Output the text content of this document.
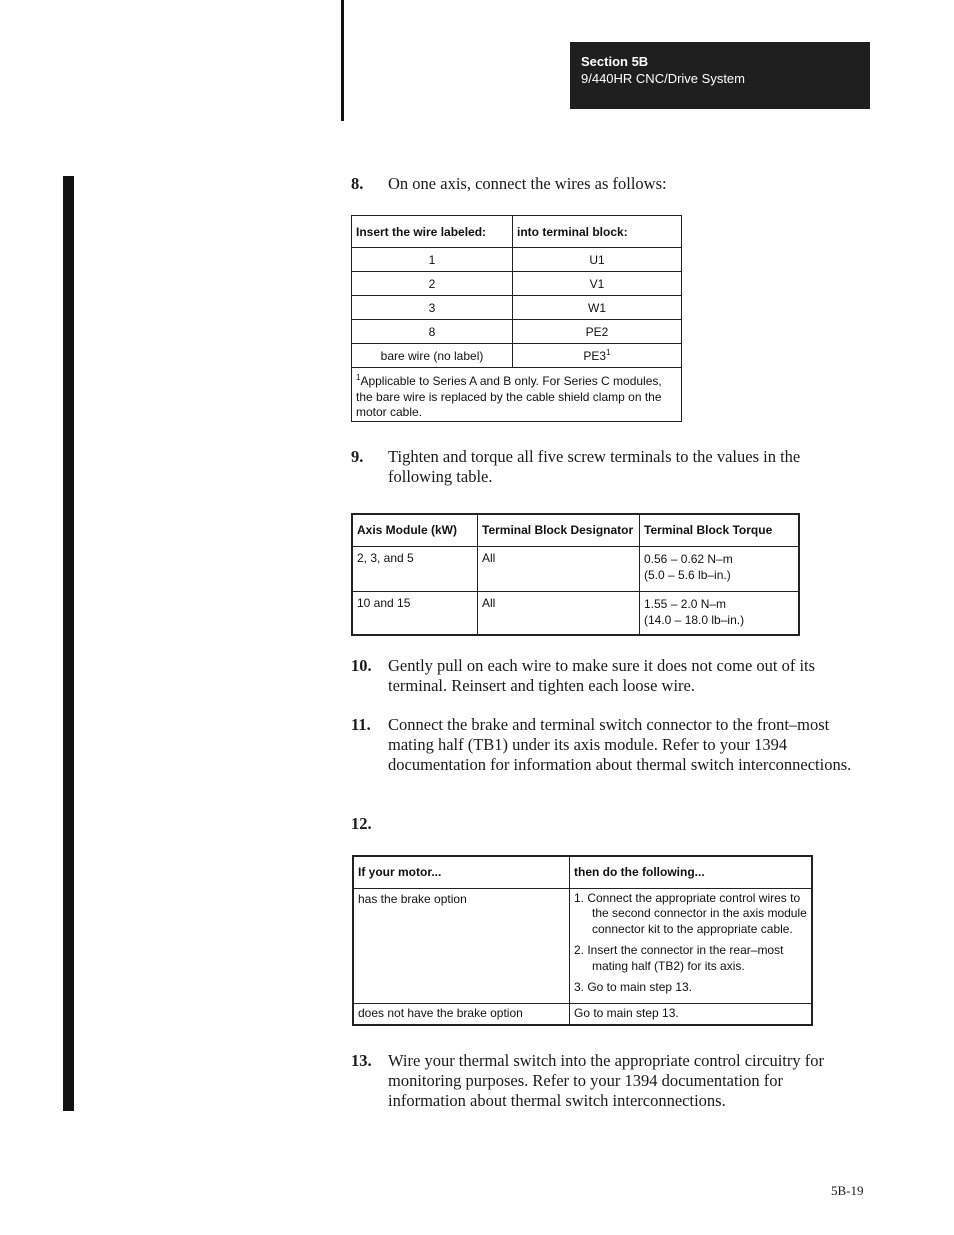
Section 5B
9/440HR CNC/Drive System
8. On one axis, connect the wires as follows:
Insert the wire labeled:	into terminal block:
1	U1
2	V1
3	W1
8	PE2
bare wire (no label)	$PE3^1$
$^1$Applicable to Series A and B only. For Series C modules, the bare wire is replaced by the cable shield clamp on the motor cable.	
9. Tighten and torque all five screw terminals to the values in the following table.
Axis Module (kW)	Terminal Block Designator	Terminal Block Torque
2, 3, and 5	All	0.56 – 0.62 N–m
(5.0 – 5.6 lb–in.)

10 and 15	All	1.55 – 2.0 N–m
(14.0 – 18.0 lb–in.)
10. Gently pull on each wire to make sure it does not come out of its terminal. Reinsert and tighten each loose wire.
11. Connect the brake and terminal switch connector to the front–most mating half (TB1) under its axis module. Refer to your 1394 documentation for information about thermal switch interconnections.
12.
If your motor...	then do the following...
has the brake option	1. Connect the appropriate control wires to the second connector in the axis module connector kit to the appropriate cable.

2. Insert the connector in the rear–most mating half (TB2) for its axis.

3. Go to main step 13.

does not have the brake option	Go to main step 13.
13. Wire your thermal switch into the appropriate control circuitry for monitoring purposes. Refer to your 1394 documentation for information about thermal switch interconnections.
5B-19
